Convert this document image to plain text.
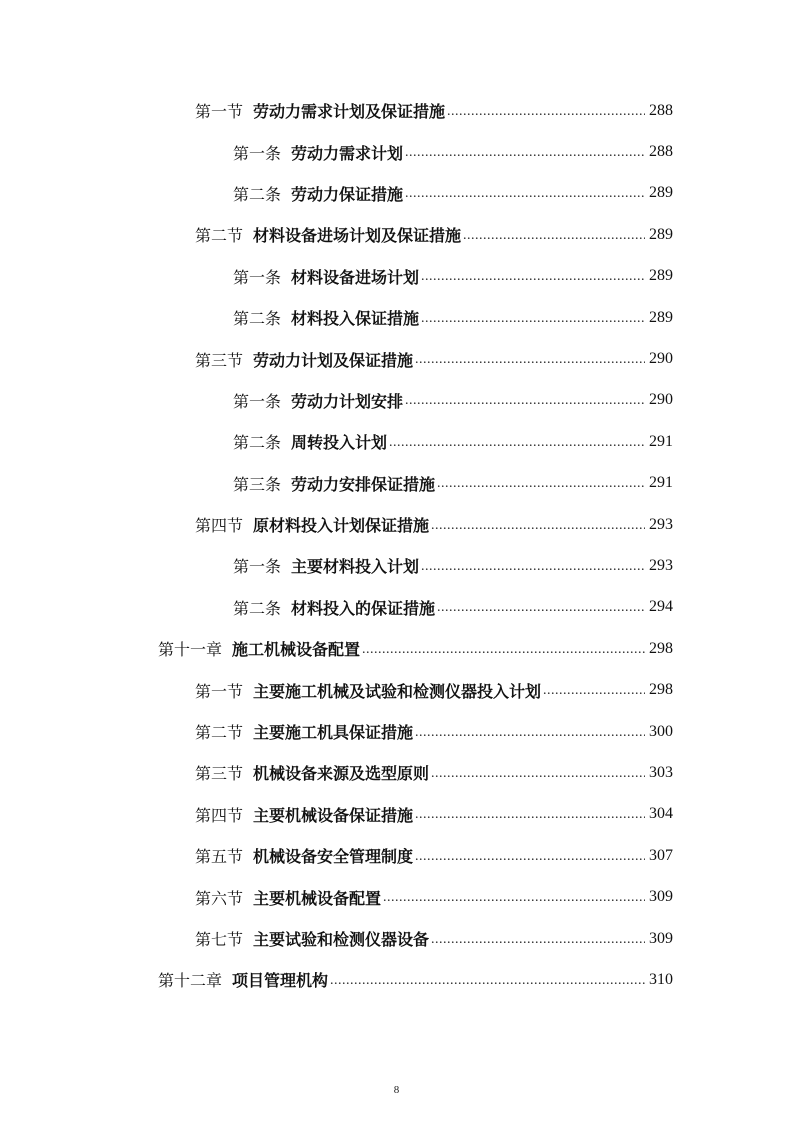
第一节 劳动力需求计划及保证措施 .....	288
第一条 劳动力需求计划 .....	288
第二条 劳动力保证措施 .....	289
第二节 材料设备进场计划及保证措施 .....	289
第一条 材料设备进场计划 .....	289
第二条 材料投入保证措施 .....	289
第三节 劳动力计划及保证措施 .....	290
第一条 劳动力计划安排 .....	290
第二条 周转投入计划 .....	291
第三条 劳动力安排保证措施 .....	291
第四节 原材料投入计划保证措施 .....	293
第一条 主要材料投入计划 .....	293
第二条 材料投入的保证措施 .....	294
第十一章 施工机械设备配置 .....	298
第一节 主要施工机械及试验和检测仪器投入计划 .....	298
第二节 主要施工机具保证措施 .....	300
第三节 机械设备来源及选型原则 .....	303
第四节 主要机械设备保证措施 .....	304
第五节 机械设备安全管理制度 .....	307
第六节 主要机械设备配置 .....	309
第七节 主要试验和检测仪器设备 .....	309
第十二章 项目管理机构 .....	310
8
